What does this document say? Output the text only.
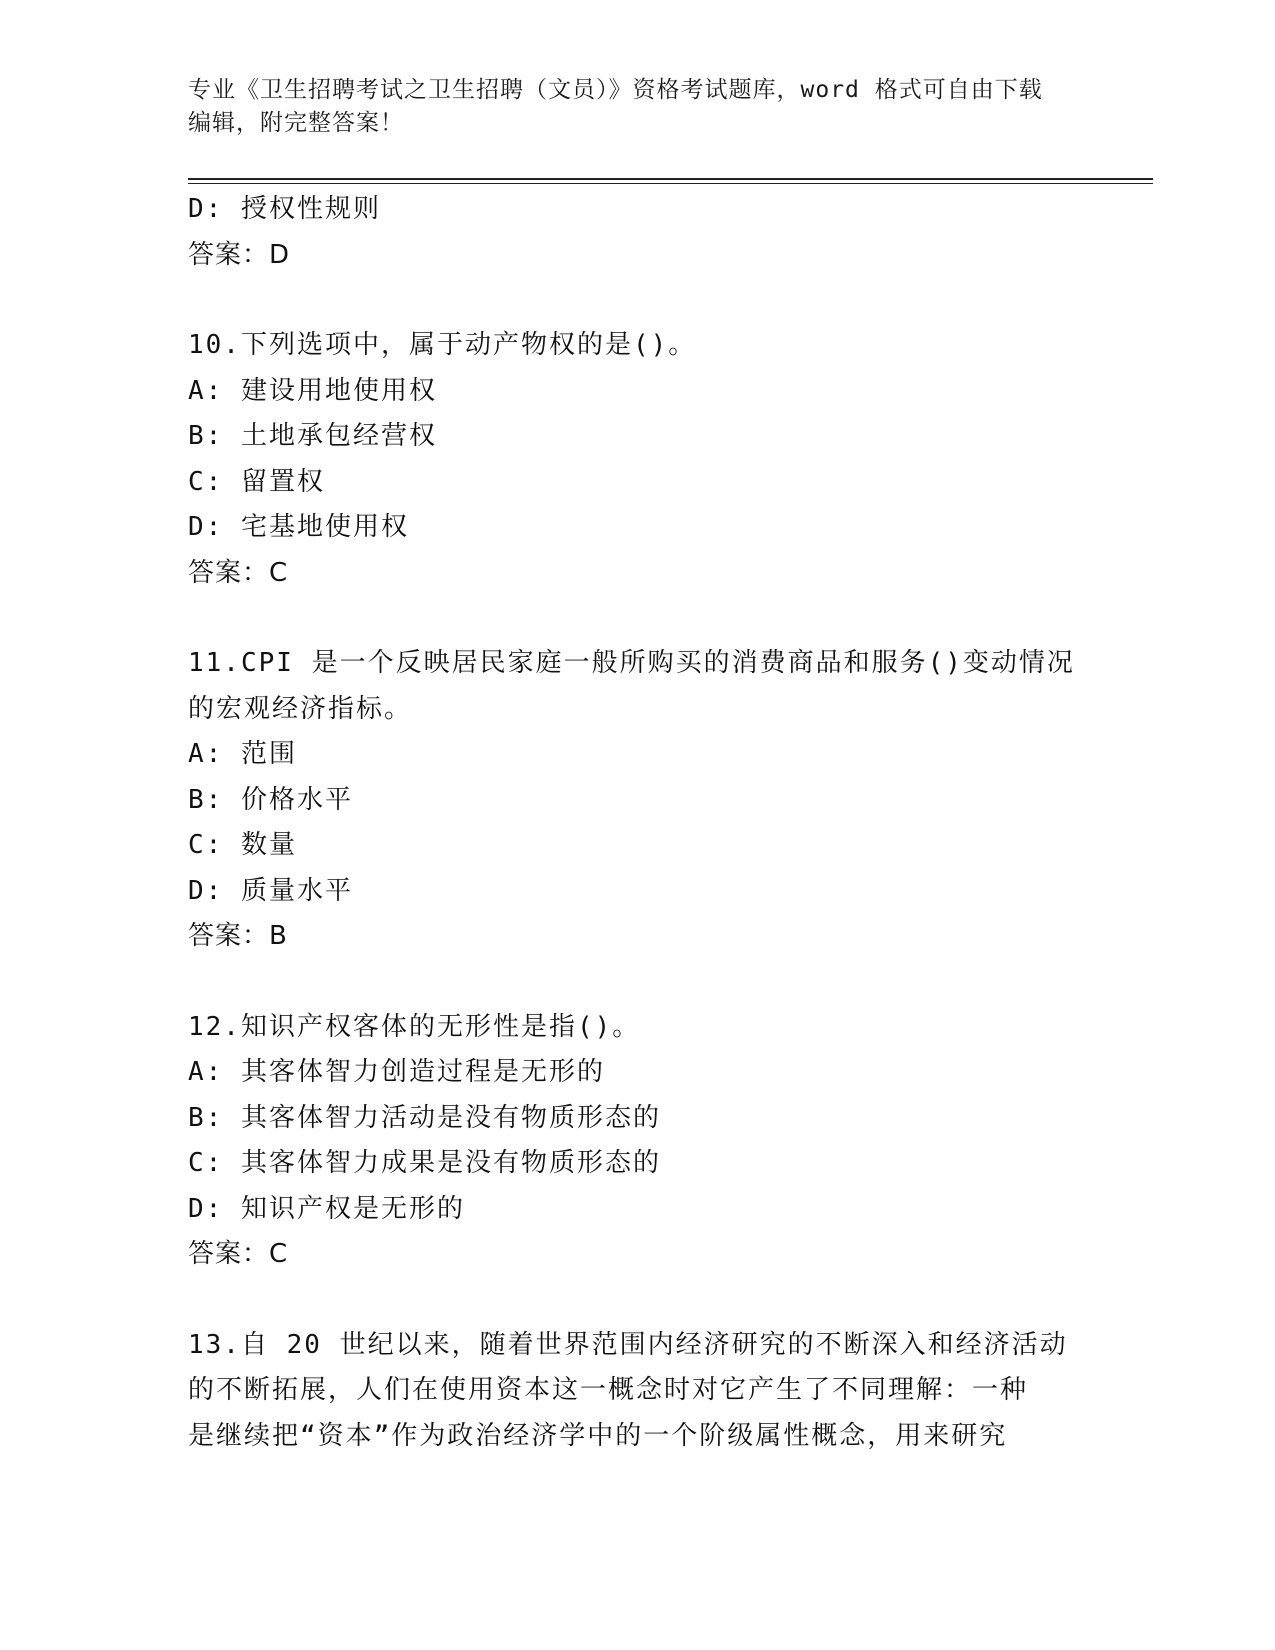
专业《卫生招聘考试之卫生招聘（文员）》资格考试题库，word 格式可自由下载
编辑，附完整答案！
D: 授权性规则
答案：D
10.下列选项中，属于动产物权的是()。
A: 建设用地使用权
B: 土地承包经营权
C: 留置权
D: 宅基地使用权
答案：C
11.CPI 是一个反映居民家庭一般所购买的消费商品和服务()变动情况
的宏观经济指标。
A: 范围
B: 价格水平
C: 数量
D: 质量水平
答案：B
12.知识产权客体的无形性是指()。
A: 其客体智力创造过程是无形的
B: 其客体智力活动是没有物质形态的
C: 其客体智力成果是没有物质形态的
D: 知识产权是无形的
答案：C
13.自 20 世纪以来，随着世界范围内经济研究的不断深入和经济活动
的不断拓展，人们在使用资本这一概念时对它产生了不同理解：一种
是继续把“资本”作为政治经济学中的一个阶级属性概念，用来研究
